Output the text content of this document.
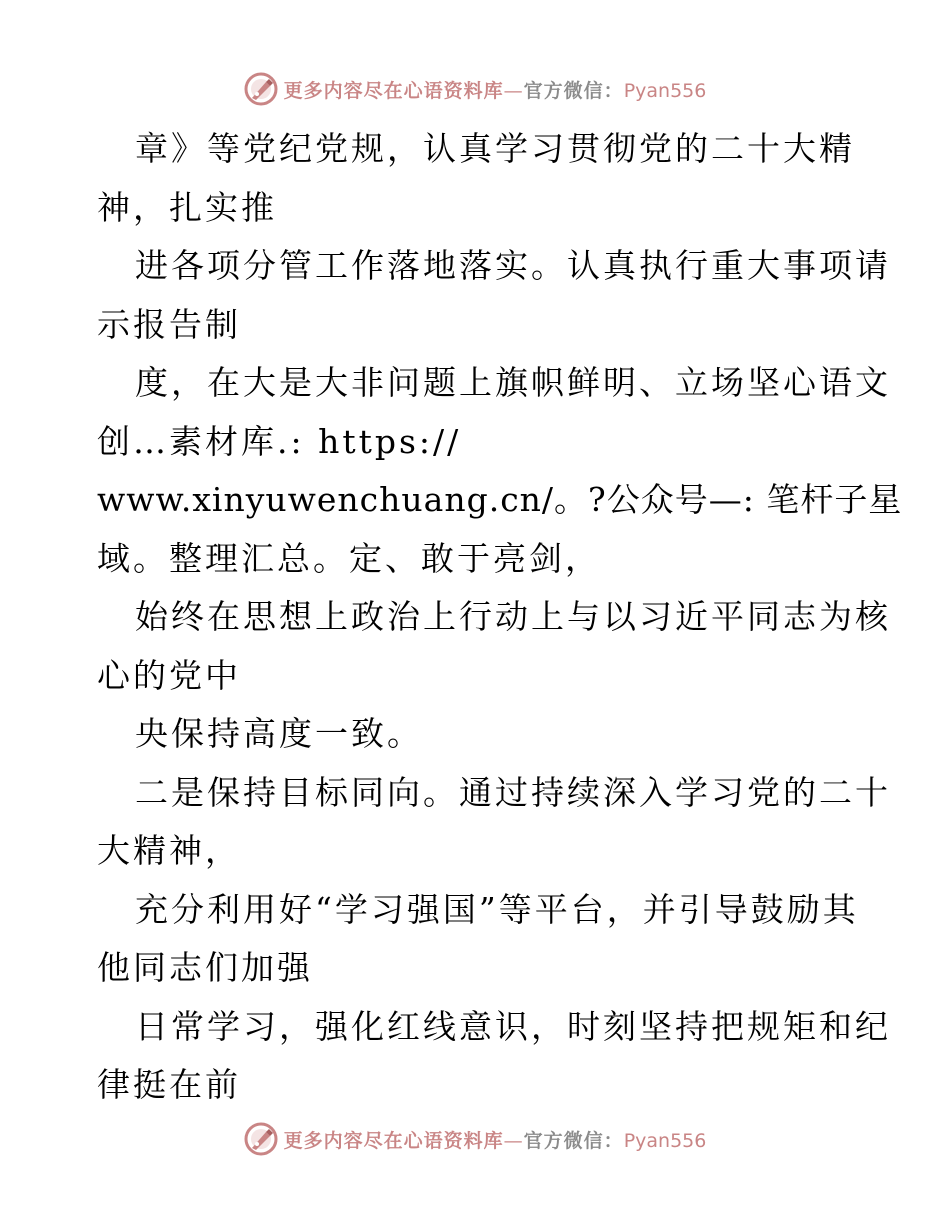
更多内容尽在心语资料库—官方微信：Pyan556
章》等党纪党规，认真学习贯彻党的二十大精
神，扎实推
进各项分管工作落地落实。认真执行重大事项请
示报告制
度，在大是大非问题上旗帜鲜明、立场坚心语文
创…素材库.: https://
www.xinyuwenchuang.cn/。?公众号—: 笔杆子星
域。整理汇总。定、敢于亮剑，
始终在思想上政治上行动上与以习近平同志为核
心的党中
央保持高度一致。
二是保持目标同向。通过持续深入学习党的二十
大精神，
充分利用好“学习强国”等平台，并引导鼓励其
他同志们加强
日常学习，强化红线意识，时刻坚持把规矩和纪
律挺在前
更多内容尽在心语资料库—官方微信：Pyan556
